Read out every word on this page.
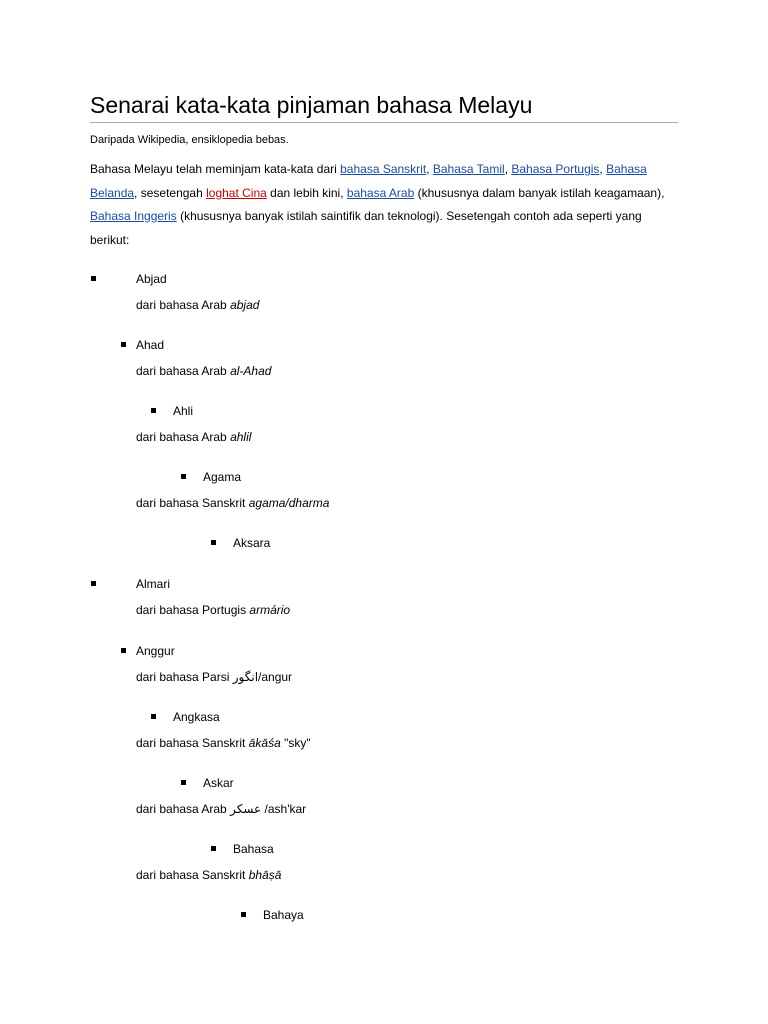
Senarai kata-kata pinjaman bahasa Melayu
Daripada Wikipedia, ensiklopedia bebas.
Bahasa Melayu telah meminjam kata-kata dari bahasa Sanskrit, Bahasa Tamil, Bahasa Portugis, Bahasa Belanda, sesetengah loghat Cina dan lebih kini, bahasa Arab (khususnya dalam banyak istilah keagamaan), Bahasa Inggeris (khususnya banyak istilah saintifik dan teknologi). Sesetengah contoh ada seperti yang berikut:
Abjad
dari bahasa Arab abjad
Ahad
dari bahasa Arab al-Ahad
Ahli
dari bahasa Arab ahlil
Agama
dari bahasa Sanskrit agama/dharma
Aksara
Almari
dari bahasa Portugis armário
Anggur
dari bahasa Parsi انگور/angur
Angkasa
dari bahasa Sanskrit ākāśa "sky"
Askar
dari bahasa Arab عسكر /ash'kar
Bahasa
dari bahasa Sanskrit bhāṣā
Bahaya
